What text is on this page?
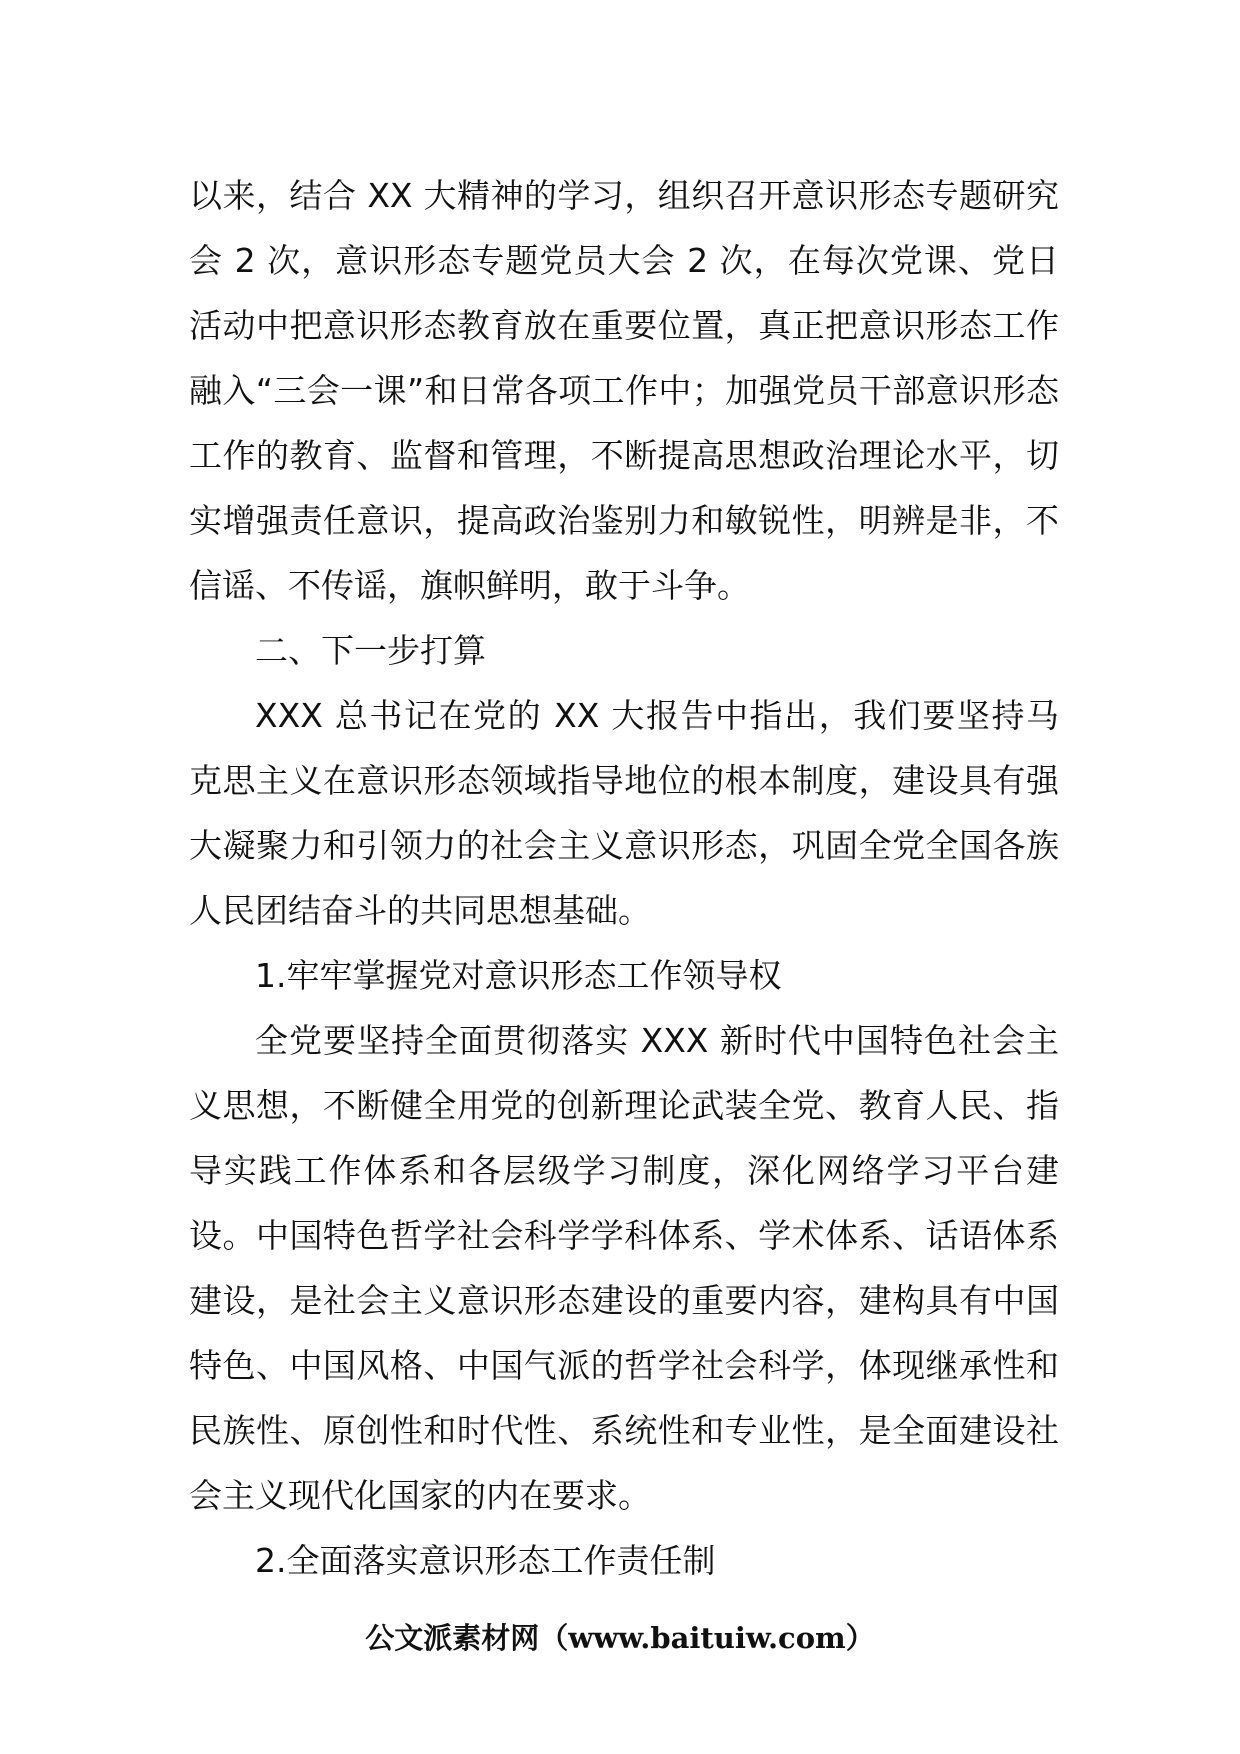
以来，结合 XX 大精神的学习，组织召开意识形态专题研究会 2 次，意识形态专题党员大会 2 次，在每次党课、党日活动中把意识形态教育放在重要位置，真正把意识形态工作融入“三会一课”和日常各项工作中；加强党员干部意识形态工作的教育、监督和管理，不断提高思想政治理论水平，切实增强责任意识，提高政治鉴别力和敏锐性，明辨是非，不信谣、不传谣，旗帜鲜明，敢于斗争。

二、下一步打算

XXX 总书记在党的 XX 大报告中指出，我们要坚持马克思主义在意识形态领域指导地位的根本制度，建设具有强大凝聚力和引领力的社会主义意识形态，巩固全党全国各族人民团结奋斗的共同思想基础。

1.牢牢掌握党对意识形态工作领导权

全党要坚持全面贯彻落实 XXX 新时代中国特色社会主义思想，不断健全用党的创新理论武装全党、教育人民、指导实践工作体系和各层级学习制度，深化网络学习平台建设。中国特色哲学社会科学学科体系、学术体系、话语体系建设，是社会主义意识形态建设的重要内容，建构具有中国特色、中国风格、中国气派的哲学社会科学，体现继承性和民族性、原创性和时代性、系统性和专业性，是全面建设社会主义现代化国家的内在要求。

2.全面落实意识形态工作责任制

公文派素材网（www.baituiw.com）
